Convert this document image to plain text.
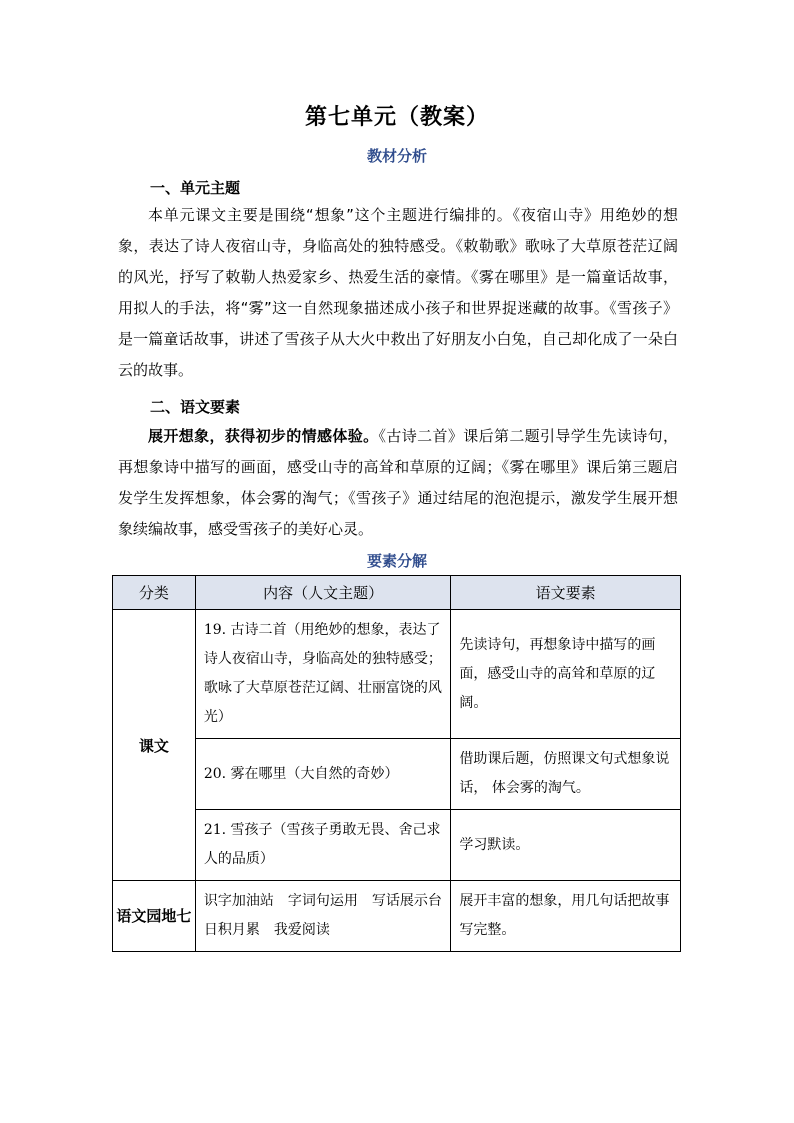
第七单元（教案）
教材分析
一、单元主题
本单元课文主要是围绕“想象”这个主题进行编排的。《夜宿山寺》用绝妙的想象，表达了诗人夜宿山寺，身临高处的独特感受。《敕勒歌》歌咏了大草原苍茫辽阔的风光，抒写了敕勒人热爱家乡、热爱生活的豪情。《雾在哪里》是一篇童话故事，用拟人的手法，将“雾”这一自然现象描述成小孩子和世界捉迷藏的故事。《雪孩子》是一篇童话故事，讲述了雪孩子从大火中救出了好朋友小白兔，自己却化成了一朵白云的故事。
二、语文要素
展开想象，获得初步的情感体验。《古诗二首》课后第二题引导学生先读诗句，再想象诗中描写的画面，感受山寺的高耸和草原的辽阔；《雾在哪里》课后第三题启发学生发挥想象，体会雾的淘气；《雪孩子》通过结尾的泡泡提示，激发学生展开想象续编故事，感受雪孩子的美好心灵。
要素分解
分类	内容（人文主题）	语文要素
课文	19. 古诗二首（用绝妙的想象，表达了诗人夜宿山寺，身临高处的独特感受；歌咏了大草原苍茫辽阔、壮丽富饶的风光）	先读诗句，再想象诗中描写的画面，感受山寺的高耸和草原的辽阔。
	20. 雾在哪里（大自然的奇妙）	借助课后题，仿照课文句式想象说话， 体会雾的淘气。
	21. 雪孩子（雪孩子勇敢无畏、舍己求人的品质）	学习默读。
语文园地七	识字加油站　字词句运用　写话展示台　日积月累　我爱阅读	展开丰富的想象，用几句话把故事写完整。
